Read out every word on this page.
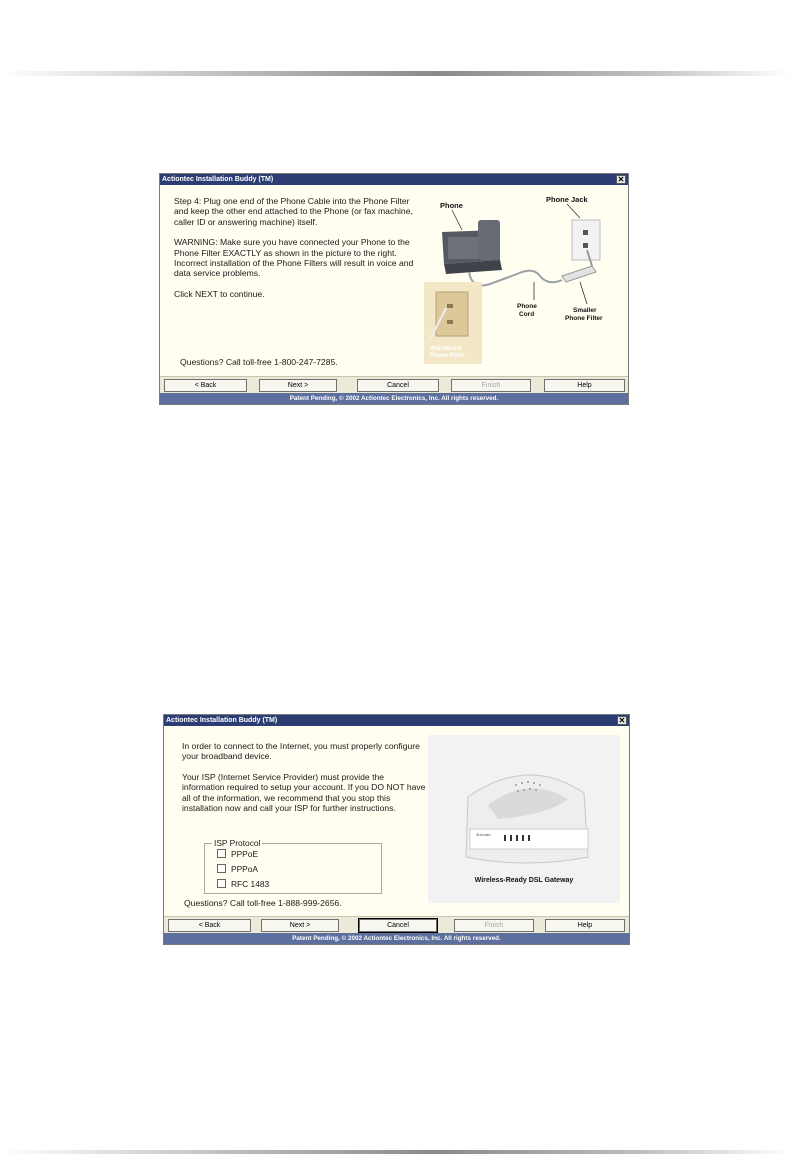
Actiontec Installation Buddy (TM)	✕

Step 4: Plug one end of the Phone Cable into the Phone Filter and keep the other end attached to the Phone (or fax machine, caller ID or answering machine) itself.

WARNING: Make sure you have connected your Phone to the Phone Filter EXACTLY as shown in the picture to the right. Incorrect installation of the Phone Filters will result in voice and data service problems.

Click NEXT to continue.

Questions? Call toll-free 1-800-247-7285.
Phone
Phone Jack
Phone
Cord
Smaller
Phone Filter
Wall-Mount
Phone Filter
< Back	Next >	Cancel	Finish	Help
Patent Pending, © 2002 Actiontec Electronics, Inc. All rights reserved.
Actiontec Installation Buddy (TM)	✕

In order to connect to the Internet, you must properly configure your broadband device.

Your ISP (Internet Service Provider) must provide the information required to setup your account. If you DO NOT have all of the information, we recommend that you stop this installation now and call your ISP for further instructions.

ISP Protocol
PPPoE
PPPoA
RFC 1483
Questions? Call toll-free 1-888-999-2656.
Actiontec
Wireless-Ready DSL Gateway
< Back	Next >	Cancel	Finish	Help
Patent Pending, © 2002 Actiontec Electronics, Inc. All rights reserved.
